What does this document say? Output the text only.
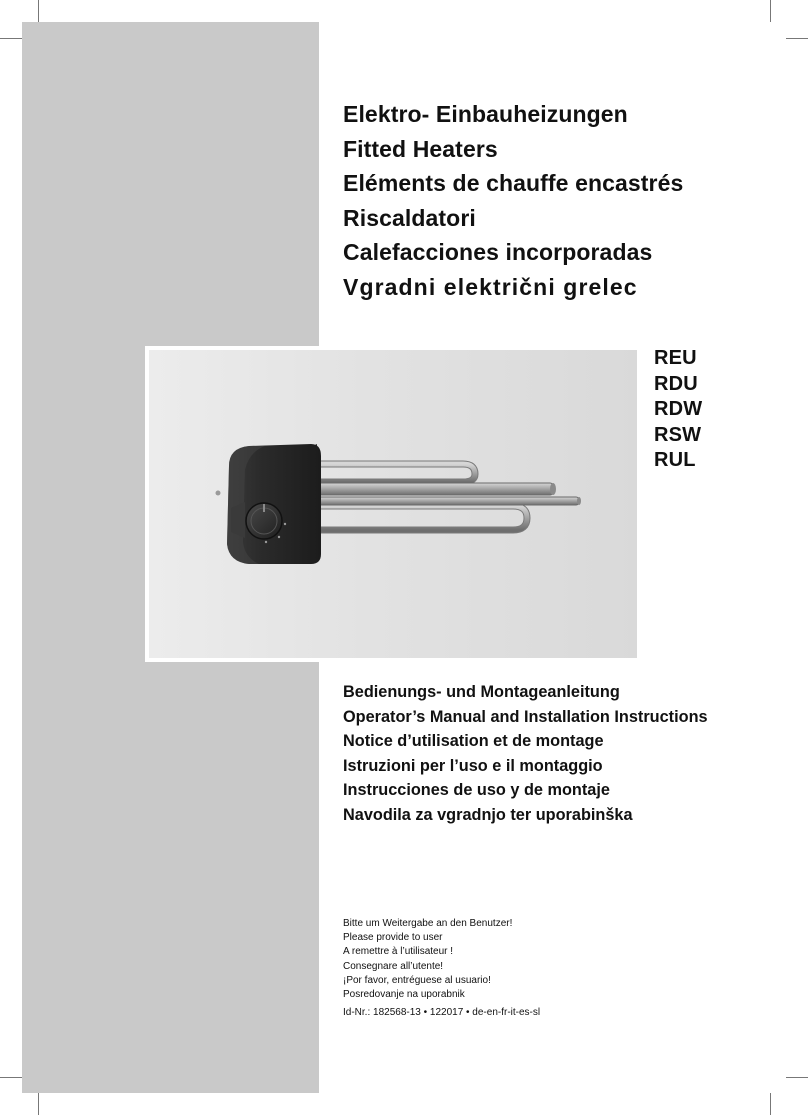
Elektro- Einbauheizungen
Fitted Heaters
Eléments de chauffe encastrés
Riscaldatori
Calefacciones incorporadas
Vgradni električni grelec
REU
RDU
RDW
RSW
RUL
Bedienungs- und Montageanleitung
Operator’s Manual and Installation Instructions
Notice d’utilisation et de montage
Istruzioni per l’uso e il montaggio
Instrucciones de uso y de montaje
Navodila za vgradnjo ter uporabinška
Bitte um Weitergabe an den Benutzer!
Please provide to user
A remettre à l’utilisateur !
Consegnare all’utente!
¡Por favor, entréguese al usuario!
Posredovanje na uporabnik
Id-Nr.: 182568-13 • 122017 • de-en-fr-it-es-sl
